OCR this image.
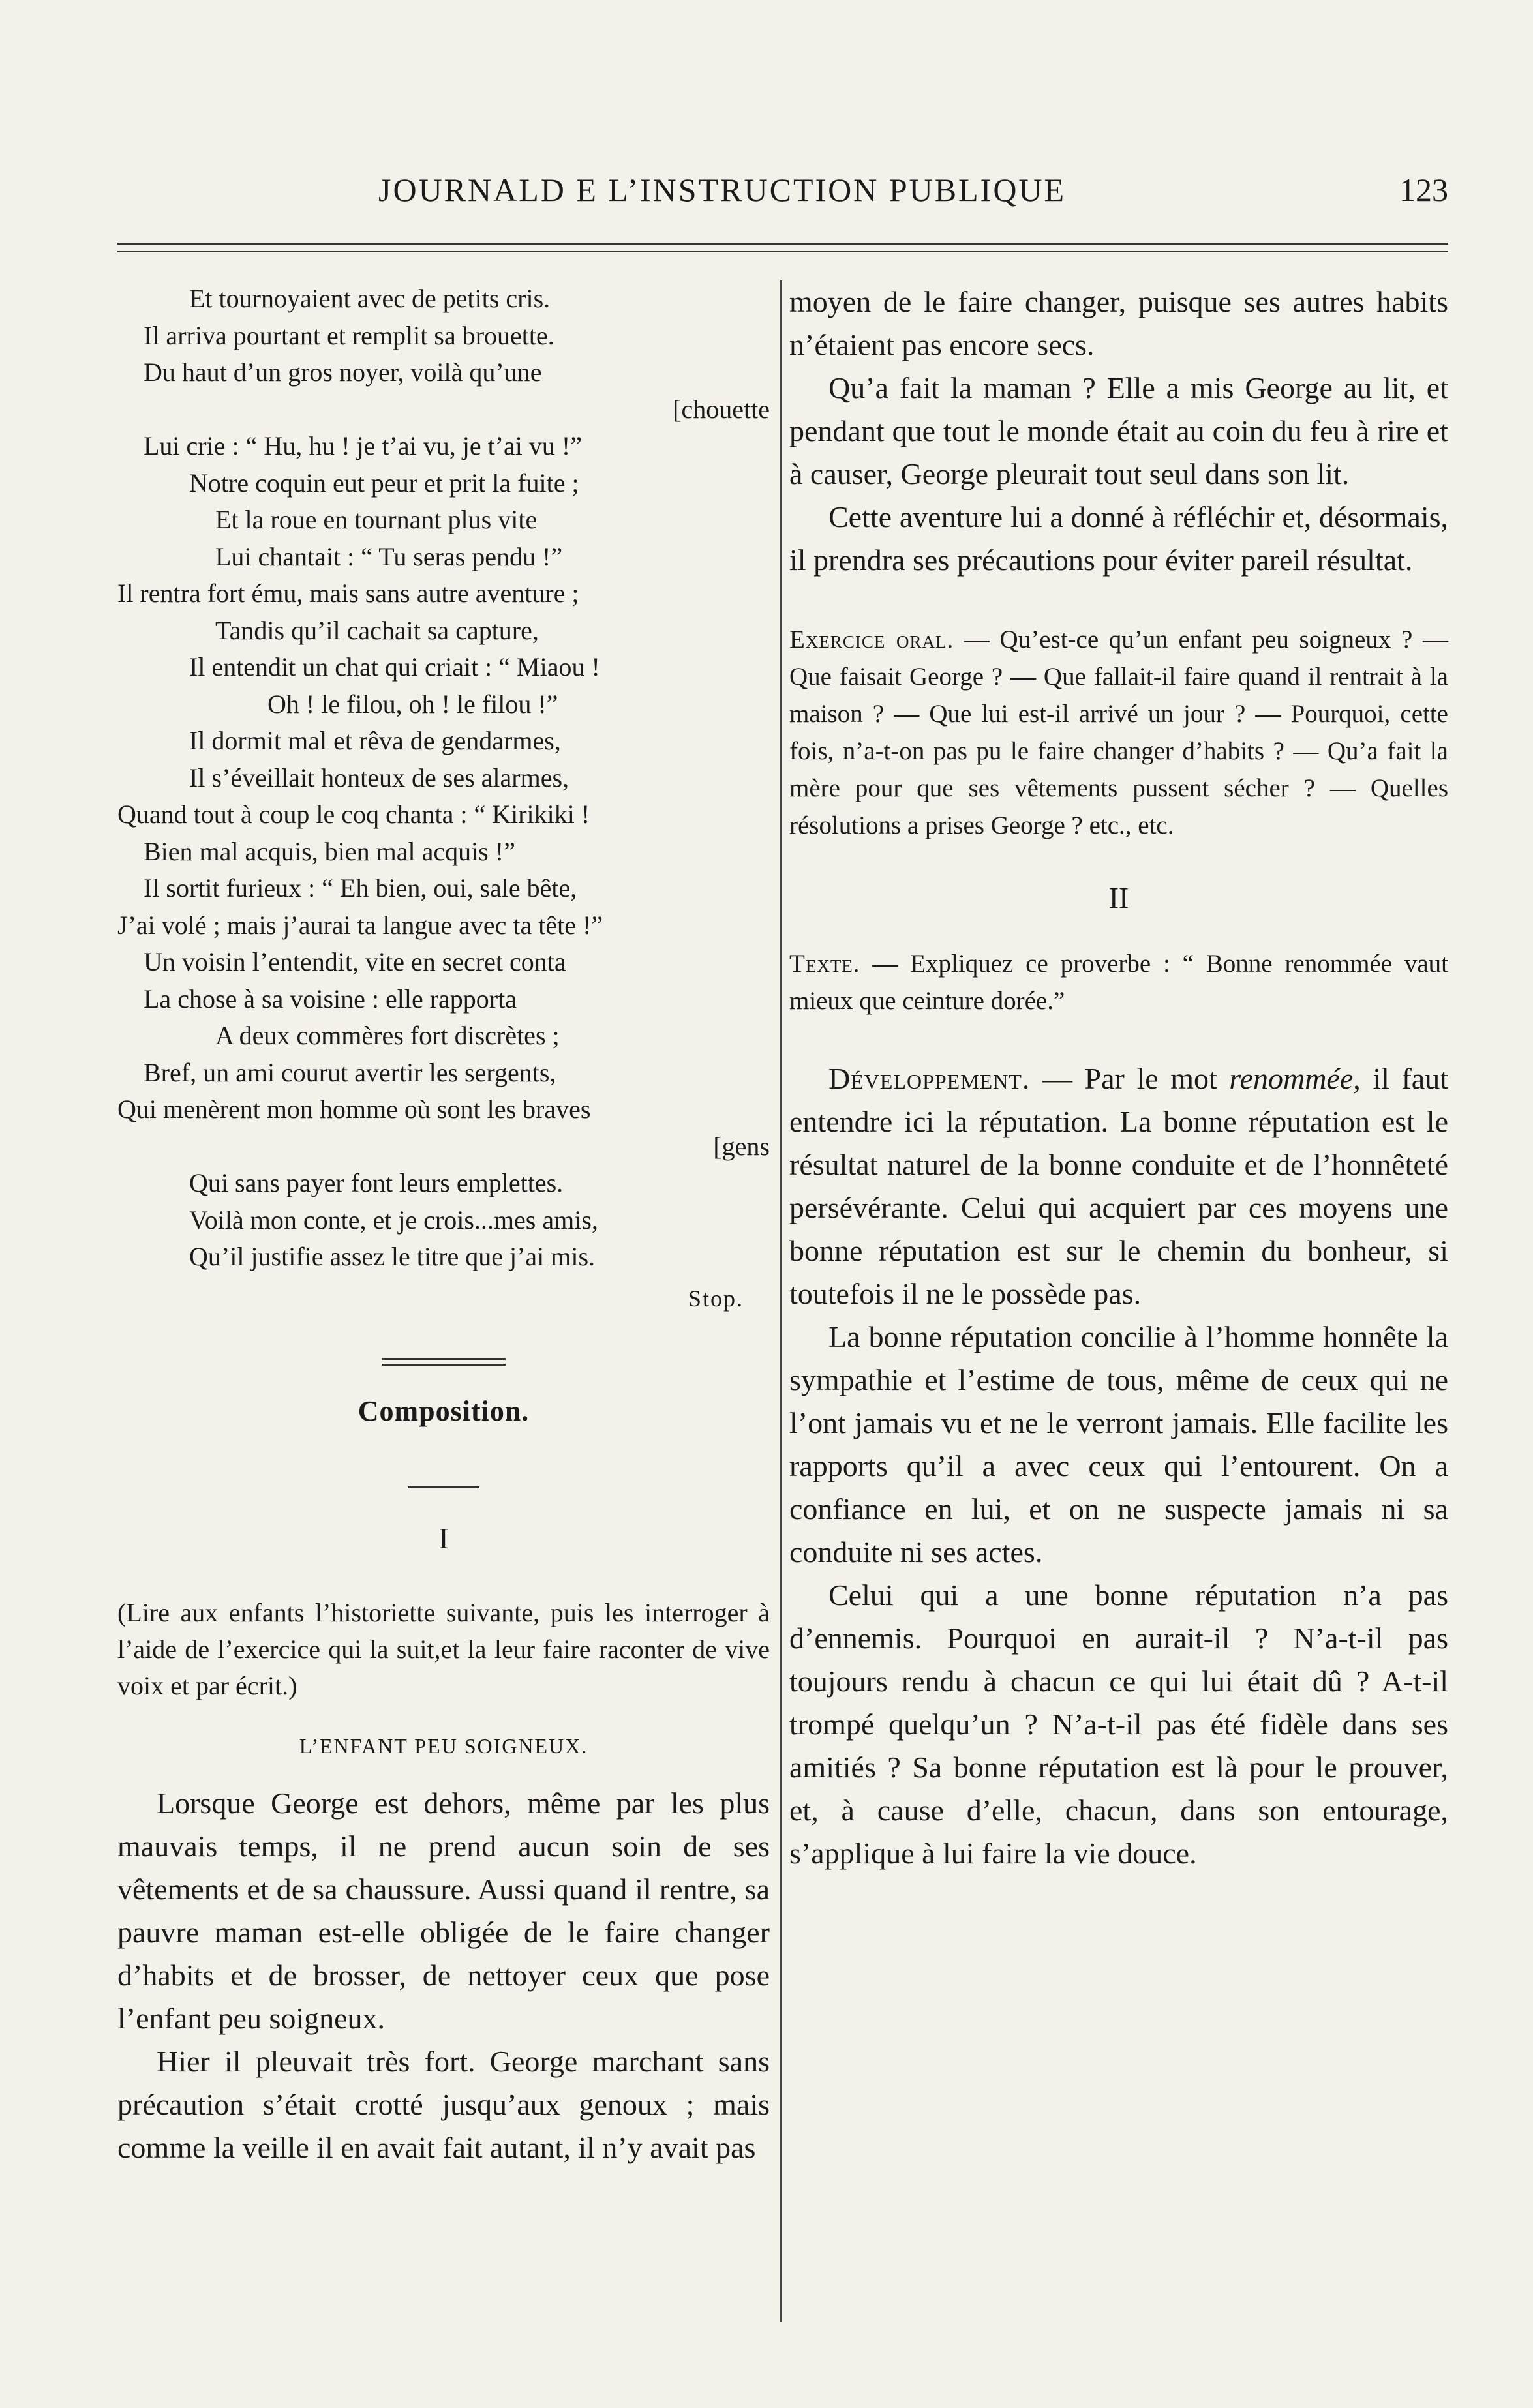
JOURNALD E L’INSTRUCTION PUBLIQUE	123
Et tournoyaient avec de petits cris.
Il arriva pourtant et remplit sa brouette.
Du haut d’un gros noyer, voilà qu’une
[chouette
Lui crie : “ Hu, hu ! je t’ai vu, je t’ai vu !”
Notre coquin eut peur et prit la fuite ;
Et la roue en tournant plus vite
Lui chantait : “ Tu seras pendu !”
Il rentra fort ému, mais sans autre aventure ;
Tandis qu’il cachait sa capture,
Il entendit un chat qui criait : “ Miaou !
Oh ! le filou, oh ! le filou !”
Il dormit mal et rêva de gendarmes,
Il s’éveillait honteux de ses alarmes,
Quand tout à coup le coq chanta : “ Kirikiki !
Bien mal acquis, bien mal acquis !”
Il sortit furieux : “ Eh bien, oui, sale bête,
J’ai volé ; mais j’aurai ta langue avec ta tête !”
Un voisin l’entendit, vite en secret conta
La chose à sa voisine : elle rapporta
A deux commères fort discrètes ;
Bref, un ami courut avertir les sergents,
Qui menèrent mon homme où sont les braves
[gens
Qui sans payer font leurs emplettes.
Voilà mon conte, et je crois...mes amis,
Qu’il justifie assez le titre que j’ai mis.
Stop.
Composition.
I
(Lire aux enfants l’historiette suivante, puis les interroger à l’aide de l’exercice qui la suit,et la leur faire raconter de vive voix et par écrit.)
L’ENFANT PEU SOIGNEUX.

Lorsque George est dehors, même par les plus mauvais temps, il ne prend aucun soin de ses vêtements et de sa chaussure. Aussi quand il rentre, sa pauvre maman est-elle obligée de le faire changer d’habits et de brosser, de nettoyer ceux que pose l’enfant peu soigneux.

Hier il pleuvait très fort. George marchant sans précaution s’était crotté jusqu’aux genoux ; mais comme la veille il en avait fait autant, il n’y avait pas

moyen de le faire changer, puisque ses autres habits n’étaient pas encore secs.

Qu’a fait la maman ? Elle a mis George au lit, et pendant que tout le monde était au coin du feu à rire et à causer, George pleurait tout seul dans son lit.

Cette aventure lui a donné à réfléchir et, désormais, il prendra ses précautions pour éviter pareil résultat.

Exercice oral. — Qu’est-ce qu’un enfant peu soigneux ? — Que faisait George ? — Que fallait-il faire quand il rentrait à la maison ? — Que lui est-il arrivé un jour ? — Pourquoi, cette fois, n’a-t-on pas pu le faire changer d’habits ? — Qu’a fait la mère pour que ses vêtements pussent sécher ? — Quelles résolutions a prises George ? etc., etc.
II
Texte. — Expliquez ce proverbe : “ Bonne renommée vaut mieux que ceinture dorée.”

Développement. — Par le mot renommée, il faut entendre ici la réputation. La bonne réputation est le résultat naturel de la bonne conduite et de l’honnêteté persévérante. Celui qui acquiert par ces moyens une bonne réputation est sur le chemin du bonheur, si toutefois il ne le possède pas.

La bonne réputation concilie à l’homme honnête la sympathie et l’estime de tous, même de ceux qui ne l’ont jamais vu et ne le verront jamais. Elle facilite les rapports qu’il a avec ceux qui l’entourent. On a confiance en lui, et on ne suspecte jamais ni sa conduite ni ses actes.

Celui qui a une bonne réputation n’a pas d’ennemis. Pourquoi en aurait-il ? N’a-t-il pas toujours rendu à chacun ce qui lui était dû ? A-t-il trompé quelqu’un ? N’a-t-il pas été fidèle dans ses amitiés ? Sa bonne réputation est là pour le prouver, et, à cause d’elle, chacun, dans son entourage, s’applique à lui faire la vie douce.
